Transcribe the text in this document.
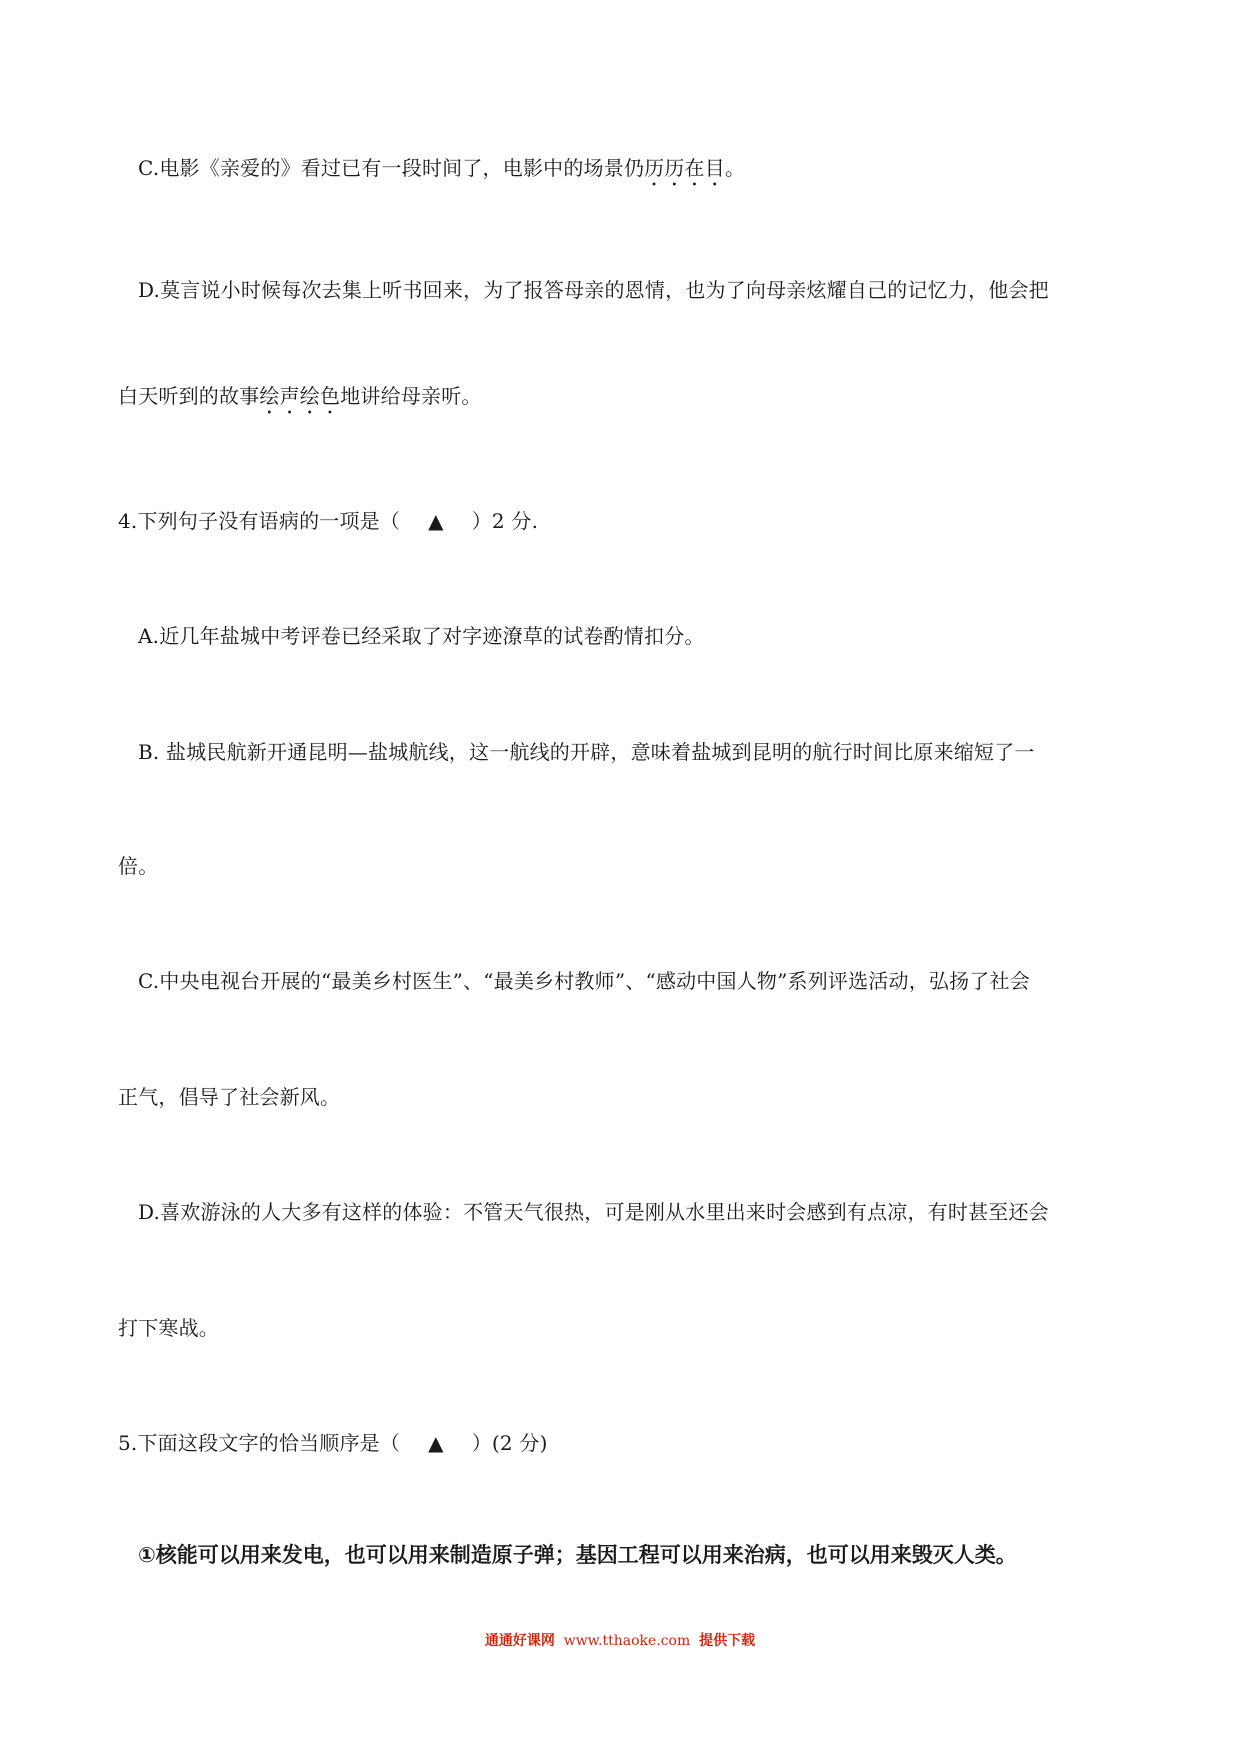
C.电影《亲爱的》看过已有一段时间了，电影中的场景仍历历在目。
D.莫言说小时候每次去集上听书回来，为了报答母亲的恩情，也为了向母亲炫耀自己的记忆力，他会把
白天听到的故事绘声绘色地讲给母亲听。
4.下列句子没有语病的一项是（ ▲ ）2 分.
A.近几年盐城中考评卷已经采取了对字迹潦草的试卷酌情扣分。
B. 盐城民航新开通昆明—盐城航线，这一航线的开辟，意味着盐城到昆明的航行时间比原来缩短了一
倍。
C.中央电视台开展的“最美乡村医生”、“最美乡村教师”、“感动中国人物”系列评选活动，弘扬了社会
正气，倡导了社会新风。
D.喜欢游泳的人大多有这样的体验：不管天气很热，可是刚从水里出来时会感到有点凉，有时甚至还会
打下寒战。
5.下面这段文字的恰当顺序是（ ▲ ）(2 分)
①核能可以用来发电，也可以用来制造原子弹；基因工程可以用来治病，也可以用来毁灭人类。
通通好课网 www.tthaoke.com 提供下载
